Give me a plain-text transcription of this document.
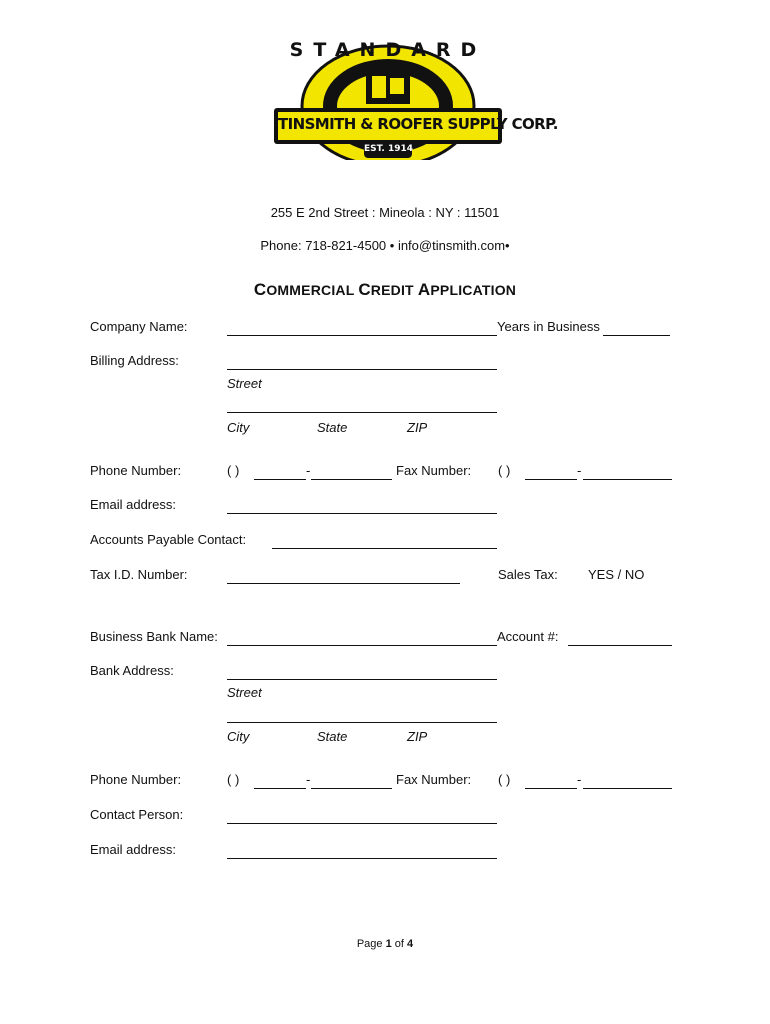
STANDARD
TINSMITH & ROOFER SUPPLY CORP.
EST. 1914
255 E 2nd Street : Mineola : NY : 11501
Phone: 718-821-4500 • info@tinsmith.com•
COMMERCIAL CREDIT APPLICATION
Company Name:	Years in Business
Billing Address:
Street
City	State	ZIP
Phone Number:	( )	-	Fax Number: ( )	-
Email address:
Accounts Payable Contact:
Tax I.D. Number:	Sales Tax: YES / NO
Business Bank Name:	Account #:
Bank Address:
Street
City	State	ZIP
Phone Number:	( )	-	Fax Number: ( )	-
Contact Person:
Email address:
Page 1 of 4
